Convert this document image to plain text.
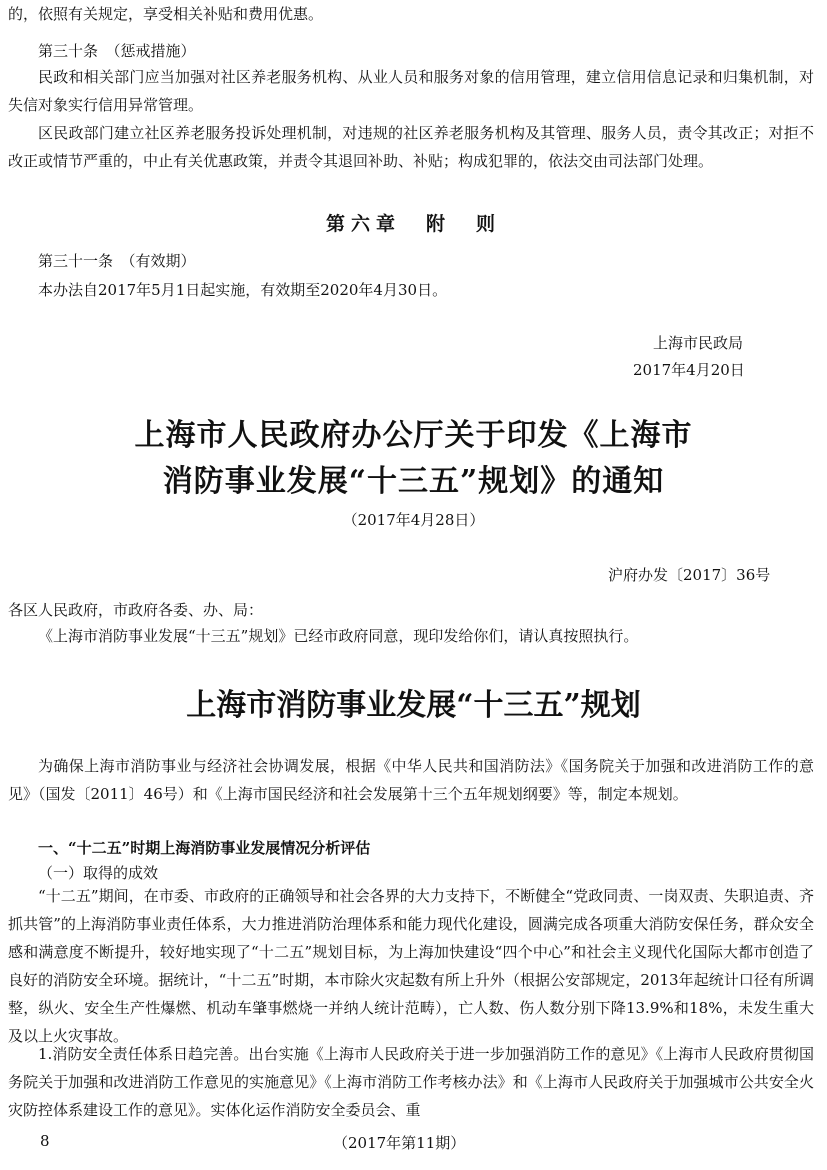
的，依照有关规定，享受相关补贴和费用优惠。
第三十条　（惩戒措施）
民政和相关部门应当加强对社区养老服务机构、从业人员和服务对象的信用管理，建立信用信息记录和归集机制，对失信对象实行信用异常管理。
区民政部门建立社区养老服务投诉处理机制，对违规的社区养老服务机构及其管理、服务人员，责令其改正；对拒不改正或情节严重的，中止有关优惠政策，并责令其退回补助、补贴；构成犯罪的，依法交由司法部门处理。
第六章　附　则
第三十一条　（有效期）
本办法自2017年5月1日起实施，有效期至2020年4月30日。
上海市民政局
2017年4月20日
上海市人民政府办公厅关于印发《上海市
消防事业发展“十三五”规划》的通知
（2017年4月28日）
沪府办发〔2017〕36号
各区人民政府，市政府各委、办、局：
《上海市消防事业发展“十三五”规划》已经市政府同意，现印发给你们，请认真按照执行。
上海市消防事业发展“十三五”规划
为确保上海市消防事业与经济社会协调发展，根据《中华人民共和国消防法》《国务院关于加强和改进消防工作的意见》（国发〔2011〕46号）和《上海市国民经济和社会发展第十三个五年规划纲要》等，制定本规划。
一、“十二五”时期上海消防事业发展情况分析评估
（一）取得的成效
“十二五”期间，在市委、市政府的正确领导和社会各界的大力支持下，不断健全“党政同责、一岗双责、失职追责、齐抓共管”的上海消防事业责任体系，大力推进消防治理体系和能力现代化建设，圆满完成各项重大消防安保任务，群众安全感和满意度不断提升，较好地实现了“十二五”规划目标，为上海加快建设“四个中心”和社会主义现代化国际大都市创造了良好的消防安全环境。据统计，“十二五”时期，本市除火灾起数有所上升外（根据公安部规定，2013年起统计口径有所调整，纵火、安全生产性爆燃、机动车肇事燃烧一并纳人统计范畴），亡人数、伤人数分别下降13.9%和18%，未发生重大及以上火灾事故。
1.消防安全责任体系日趋完善。出台实施《上海市人民政府关于进一步加强消防工作的意见》《上海市人民政府贯彻国务院关于加强和改进消防工作意见的实施意见》《上海市消防工作考核办法》和《上海市人民政府关于加强城市公共安全火灾防控体系建设工作的意见》。实体化运作消防安全委员会、重
8	（2017年第11期）
